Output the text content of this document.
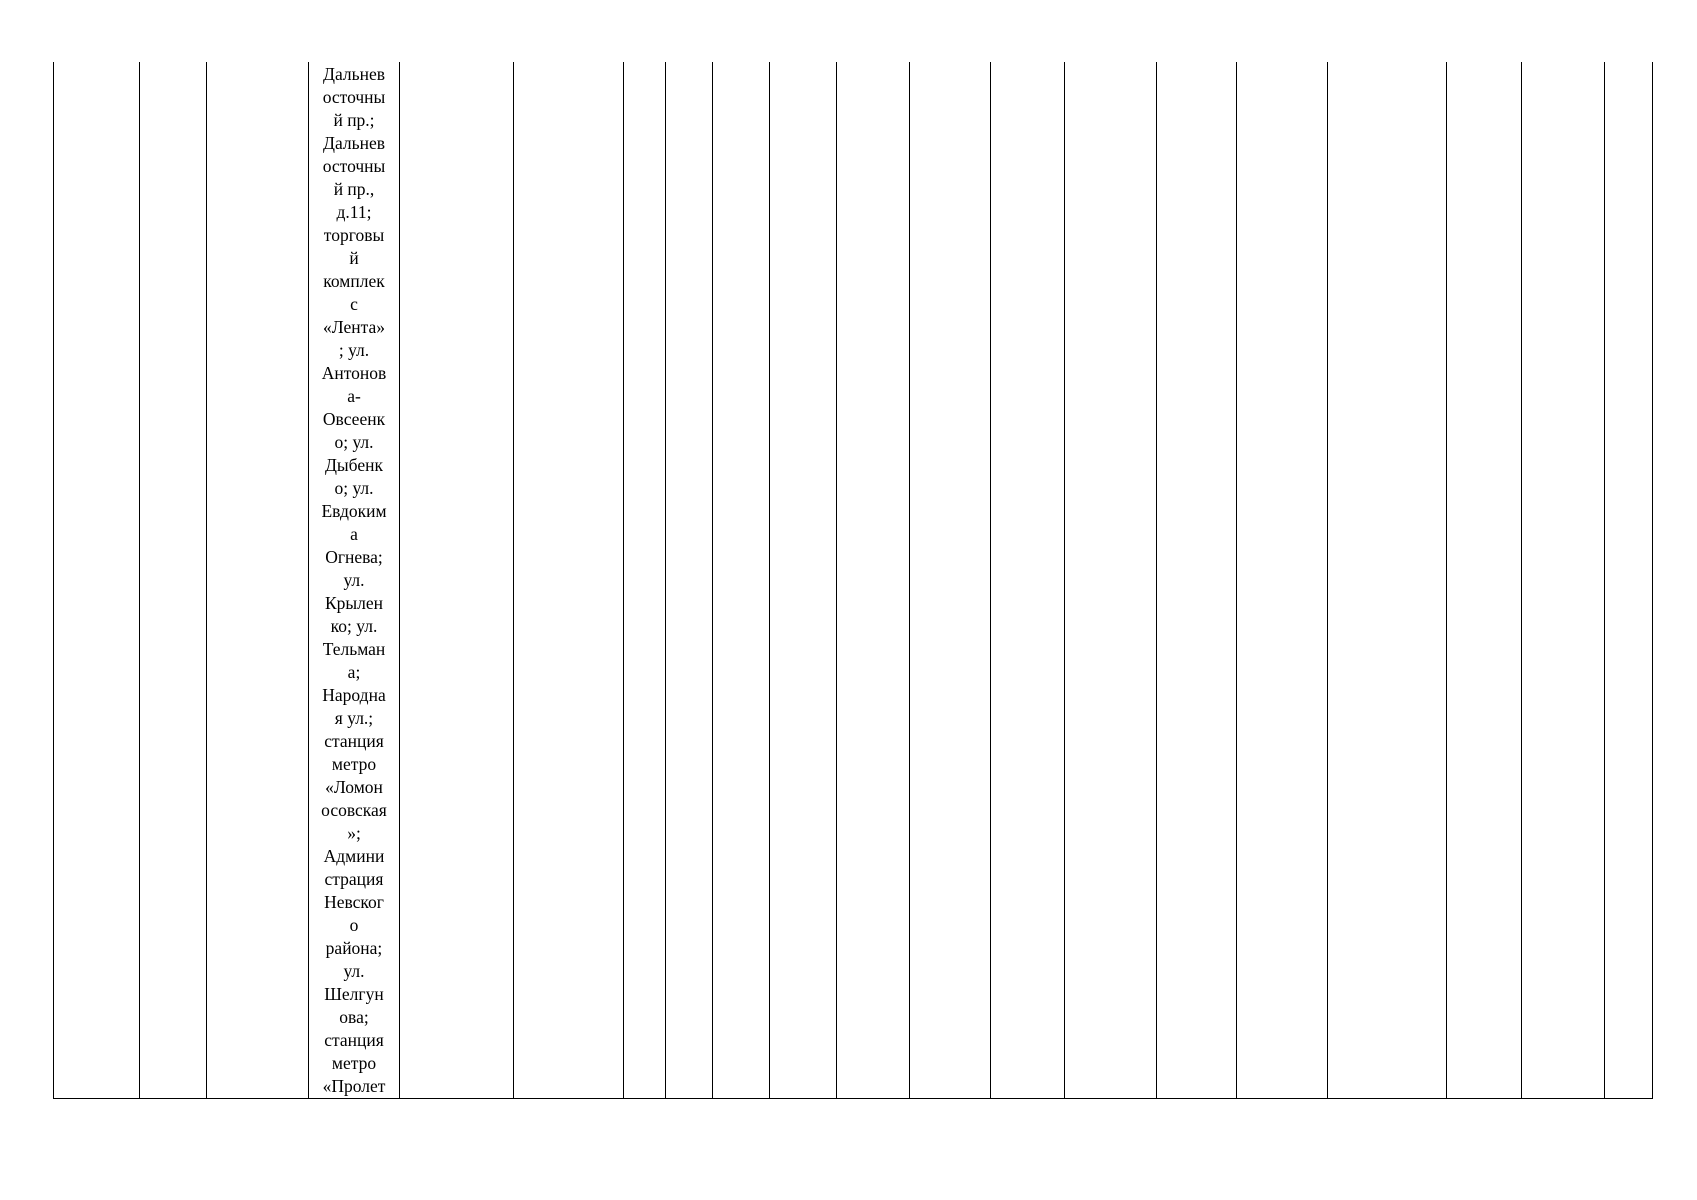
Дальнев
осточны
й пр.;
Дальнев
осточны
й пр.,
д.11;
торговы
й
комплек
с
«Лента»
; ул.
Антонов
а-
Овсеенк
о; ул.
Дыбенк
о; ул.
Евдоким
а
Огнева;
ул.
Крылен
ко; ул.
Тельман
а;
Народна
я ул.;
станция
метро
«Ломон
осовская
»;
Админи
страция
Невског
о
района;
ул.
Шелгун
ова;
станция
метро
«Пролет
